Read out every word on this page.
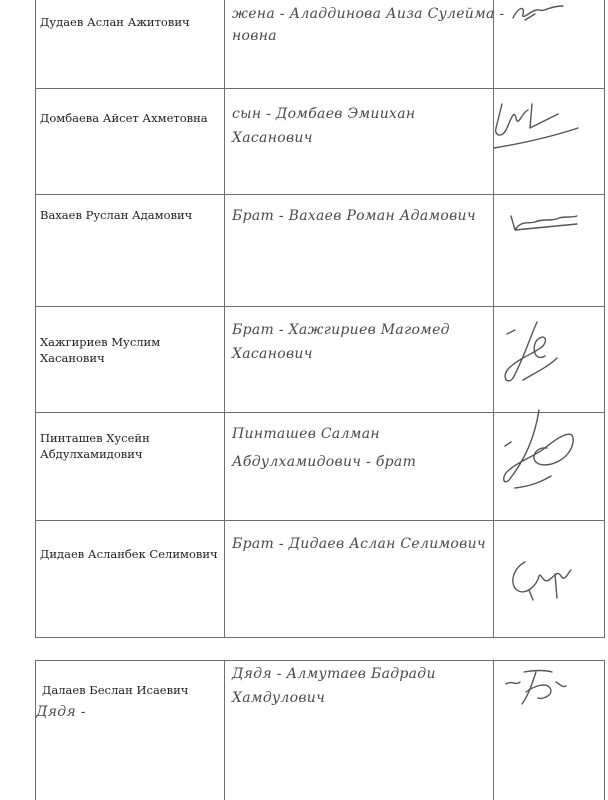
Дудаев Аслан Ажитович	жена - Аладдинова Аиза Сулейма -
новна
Домбаева Айсет Ахметовна сын - Домбаев Эмиихан
Хасанович
Вахаев Руслан Адамович	Брат - Вахаев Роман Адамович
Хажгириев Муслим
Хасанович
Брат - Хажгириев Магомед
Хасанович
Пинташев Хусейн
Абдулхамидович
Пинташев Салман
Абдулхамидович - брат
Дидаев Асланбек Селимович
Брат - Дидаев Аслан Селимович
Далаев Беслан Исаевич
Дядя -
Дядя - Алмутаев Бадради
Хамдулович
